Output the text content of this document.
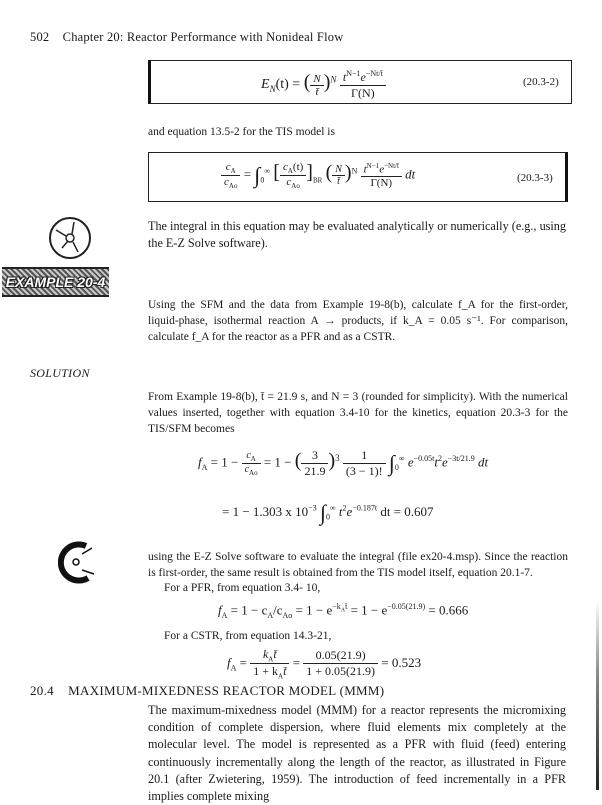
502 Chapter 20: Reactor Performance with Nonideal Flow
$E_N(t)$ = ( $\frac{N}{t̄} )^N \frac{t^{N-1}e^{-Nt/t̄}}{\Gamma(N)}$	(20.3-2)
and equation 13.5-2 for the TIS model is
$\frac{c_A}{c_{Ao}} = \int_0^\infty$ [ $\frac{c_A(t)}{c_{Ao}} ]_{BR}$ ( $\frac{N}{t̄} )^N \frac{t^{N-1}e^{-Nt/t̄}}{\Gamma(N)}$ dt	(20.3-3)
The integral in this equation may be evaluated analytically or numerically (e.g., using the E-Z Solve software).
EXAMPLE 20-4
Using the SFM and the data from Example 19-8(b), calculate f_A for the first-order, liquid-phase, isothermal reaction A → products, if k_A = 0.05 s⁻¹. For comparison, calculate f_A for the reactor as a PFR and as a CSTR.
SOLUTION
From Example 19-8(b), t̄ = 21.9 s, and N = 3 (rounded for simplicity). With the numerical values inserted, together with equation 3.4-10 for the kinetics, equation 20.3-3 for the TIS/SFM becomes
$f_A = 1 - \frac{c_A}{c_{Ao}} = 1$ − ( $\frac{3}{21.9} )^3 \frac{1}{(3 - 1)!} \int_0^\infty$ $e^{-0.05t}t^2e^{-3t/21.9}$ dt
= 1 − 1.303 x $10^{-3}$ $\int_0^\infty$ $t^2e^{-0.187t}$ dt = 0.607
using the E-Z Solve software to evaluate the integral (file ex20-4.msp). Since the reaction is first-order, the same result is obtained from the TIS model itself, equation 20.1-7.
For a PFR, from equation 3.4- 10,
$f_A = 1 - c_A/c_{Ao} = 1 - e^{-k_At̄} = 1 - e^{-0.05(21.9)} = 0.666$
For a CSTR, from equation 14.3-21,
$f_A = \frac{k_At̄}{1 + k_At̄} = \frac{0.05(21.9)}{1 + 0.05(21.9)} = 0.523$
20.4 MAXIMUM-MIXEDNESS REACTOR MODEL (MMM)
The maximum-mixedness model (MMM) for a reactor represents the micromixing condition of complete dispersion, where fluid elements mix completely at the molecular level. The model is represented as a PFR with fluid (feed) entering continuously incrementally along the length of the reactor, as illustrated in Figure 20.1 (after Zwietering, 1959). The introduction of feed incrementally in a PFR implies complete mixing
